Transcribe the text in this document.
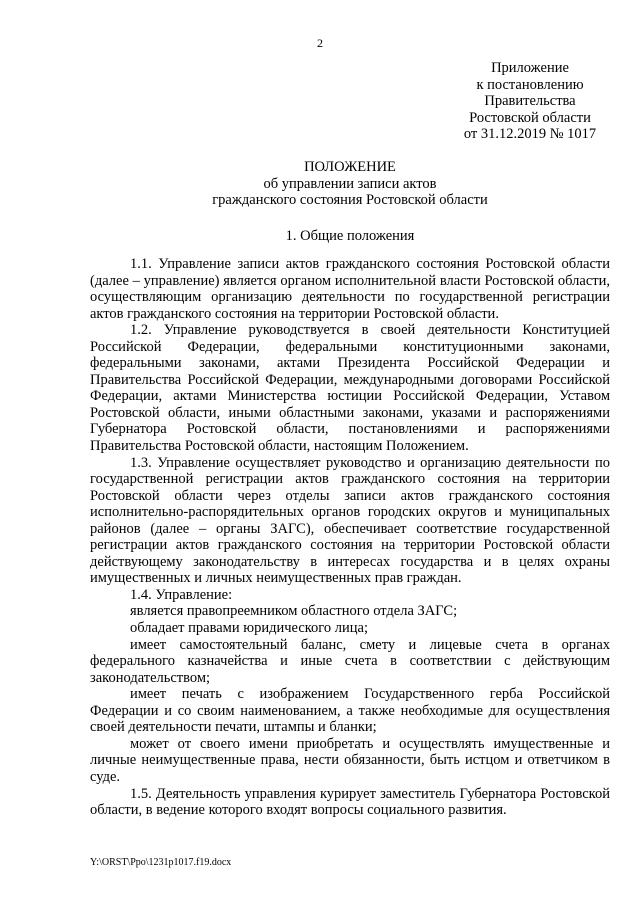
2
Приложение
к постановлению
Правительства
Ростовской области
от 31.12.2019 № 1017
ПОЛОЖЕНИЕ
об управлении записи актов
гражданского состояния Ростовской области
1. Общие положения

1.1. Управление записи актов гражданского состояния Ростовской области (далее – управление) является органом исполнительной власти Ростовской области, осуществляющим организацию деятельности по государственной регистрации актов гражданского состояния на территории Ростовской области.

1.2. Управление руководствуется в своей деятельности Конституцией Российской Федерации, федеральными конституционными законами, федеральными законами, актами Президента Российской Федерации и Правительства Российской Федерации, международными договорами Российской Федерации, актами Министерства юстиции Российской Федерации, Уставом Ростовской области, иными областными законами, указами и распоряжениями Губернатора Ростовской области, постановлениями и распоряжениями Правительства Ростовской области, настоящим Положением.

1.3. Управление осуществляет руководство и организацию деятельности по государственной регистрации актов гражданского состояния на территории Ростовской области через отделы записи актов гражданского состояния исполнительно-распорядительных органов городских округов и муниципальных районов (далее – органы ЗАГС), обеспечивает соответствие государственной регистрации актов гражданского состояния на территории Ростовской области действующему законодательству в интересах государства и в целях охраны имущественных и личных неимущественных прав граждан.

1.4. Управление:

является правопреемником областного отдела ЗАГС;

обладает правами юридического лица;

имеет самостоятельный баланс, смету и лицевые счета в органах федерального казначейства и иные счета в соответствии с действующим законодательством;

имеет печать с изображением Государственного герба Российской Федерации и со своим наименованием, а также необходимые для осуществления своей деятельности печати, штампы и бланки;

может от своего имени приобретать и осуществлять имущественные и личные неимущественные права, нести обязанности, быть истцом и ответчиком в суде.

1.5. Деятельность управления курирует заместитель Губернатора Ростовской области, в ведение которого входят вопросы социального развития.

Y:\ORST\Ppo\1231p1017.f19.docx
